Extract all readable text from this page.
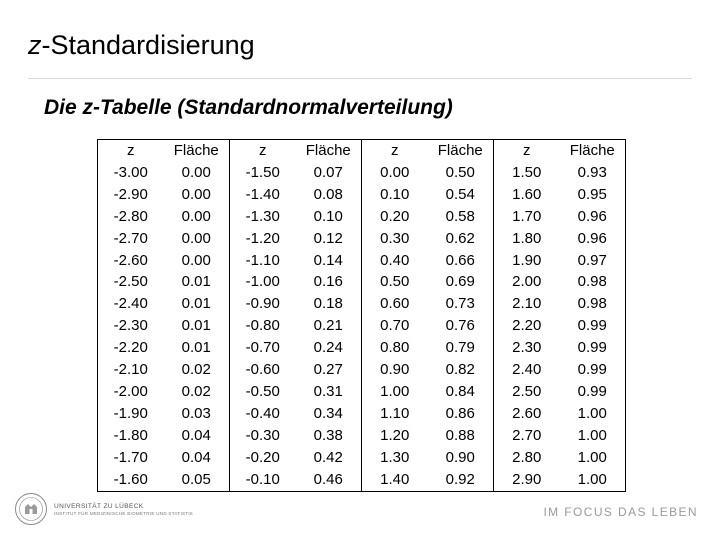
z-Standardisierung
Die z-Tabelle (Standardnormalverteilung)
z	Fläche	z	Fläche	z	Fläche	z	Fläche
-3.00	0.00	-1.50	0.07	0.00	0.50	1.50	0.93
-2.90	0.00	-1.40	0.08	0.10	0.54	1.60	0.95
-2.80	0.00	-1.30	0.10	0.20	0.58	1.70	0.96
-2.70	0.00	-1.20	0.12	0.30	0.62	1.80	0.96
-2.60	0.00	-1.10	0.14	0.40	0.66	1.90	0.97
-2.50	0.01	-1.00	0.16	0.50	0.69	2.00	0.98
-2.40	0.01	-0.90	0.18	0.60	0.73	2.10	0.98
-2.30	0.01	-0.80	0.21	0.70	0.76	2.20	0.99
-2.20	0.01	-0.70	0.24	0.80	0.79	2.30	0.99
-2.10	0.02	-0.60	0.27	0.90	0.82	2.40	0.99
-2.00	0.02	-0.50	0.31	1.00	0.84	2.50	0.99
-1.90	0.03	-0.40	0.34	1.10	0.86	2.60	1.00
-1.80	0.04	-0.30	0.38	1.20	0.88	2.70	1.00
-1.70	0.04	-0.20	0.42	1.30	0.90	2.80	1.00
-1.60	0.05	-0.10	0.46	1.40	0.92	2.90	1.00
UNIVERSITÄT ZU LÜBECK
INSTITUT FÜR MEDIZINISCHE BIOMETRIE UND STATISTIK	IM FOCUS DAS LEBEN
